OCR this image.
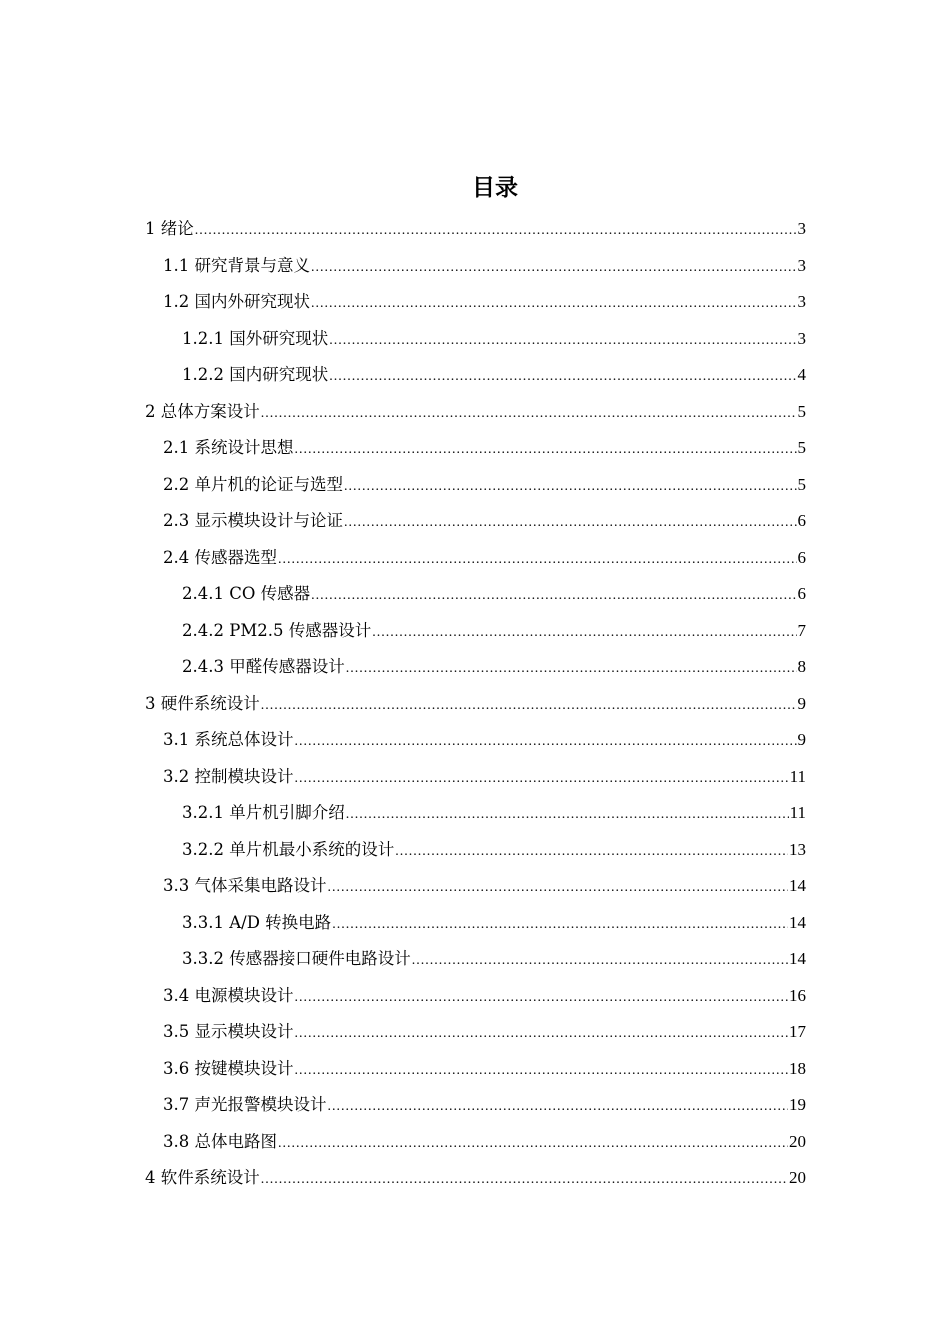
目录
1 绪论 .....	3
1.1 研究背景与意义 .....	3
1.2 国内外研究现状 .....	3
1.2.1 国外研究现状 .....	3
1.2.2 国内研究现状 .....	4
2 总体方案设计 .....	5
2.1 系统设计思想 .....	5
2.2 单片机的论证与选型 .....	5
2.3 显示模块设计与论证 .....	6
2.4 传感器选型 .....	6
2.4.1 CO 传感器 .....	6
2.4.2 PM2.5 传感器设计 .....	7
2.4.3 甲醛传感器设计 .....	8
3 硬件系统设计 .....	9
3.1 系统总体设计 .....	9
3.2 控制模块设计 .....	11
3.2.1 单片机引脚介绍 .....	11
3.2.2 单片机最小系统的设计 .....	13
3.3 气体采集电路设计 .....	14
3.3.1 A/D 转换电路 .....	14
3.3.2 传感器接口硬件电路设计 .....	14
3.4 电源模块设计 .....	16
3.5 显示模块设计 .....	17
3.6 按键模块设计 .....	18
3.7 声光报警模块设计 .....	19
3.8 总体电路图 .....	20
4 软件系统设计 .....	20
